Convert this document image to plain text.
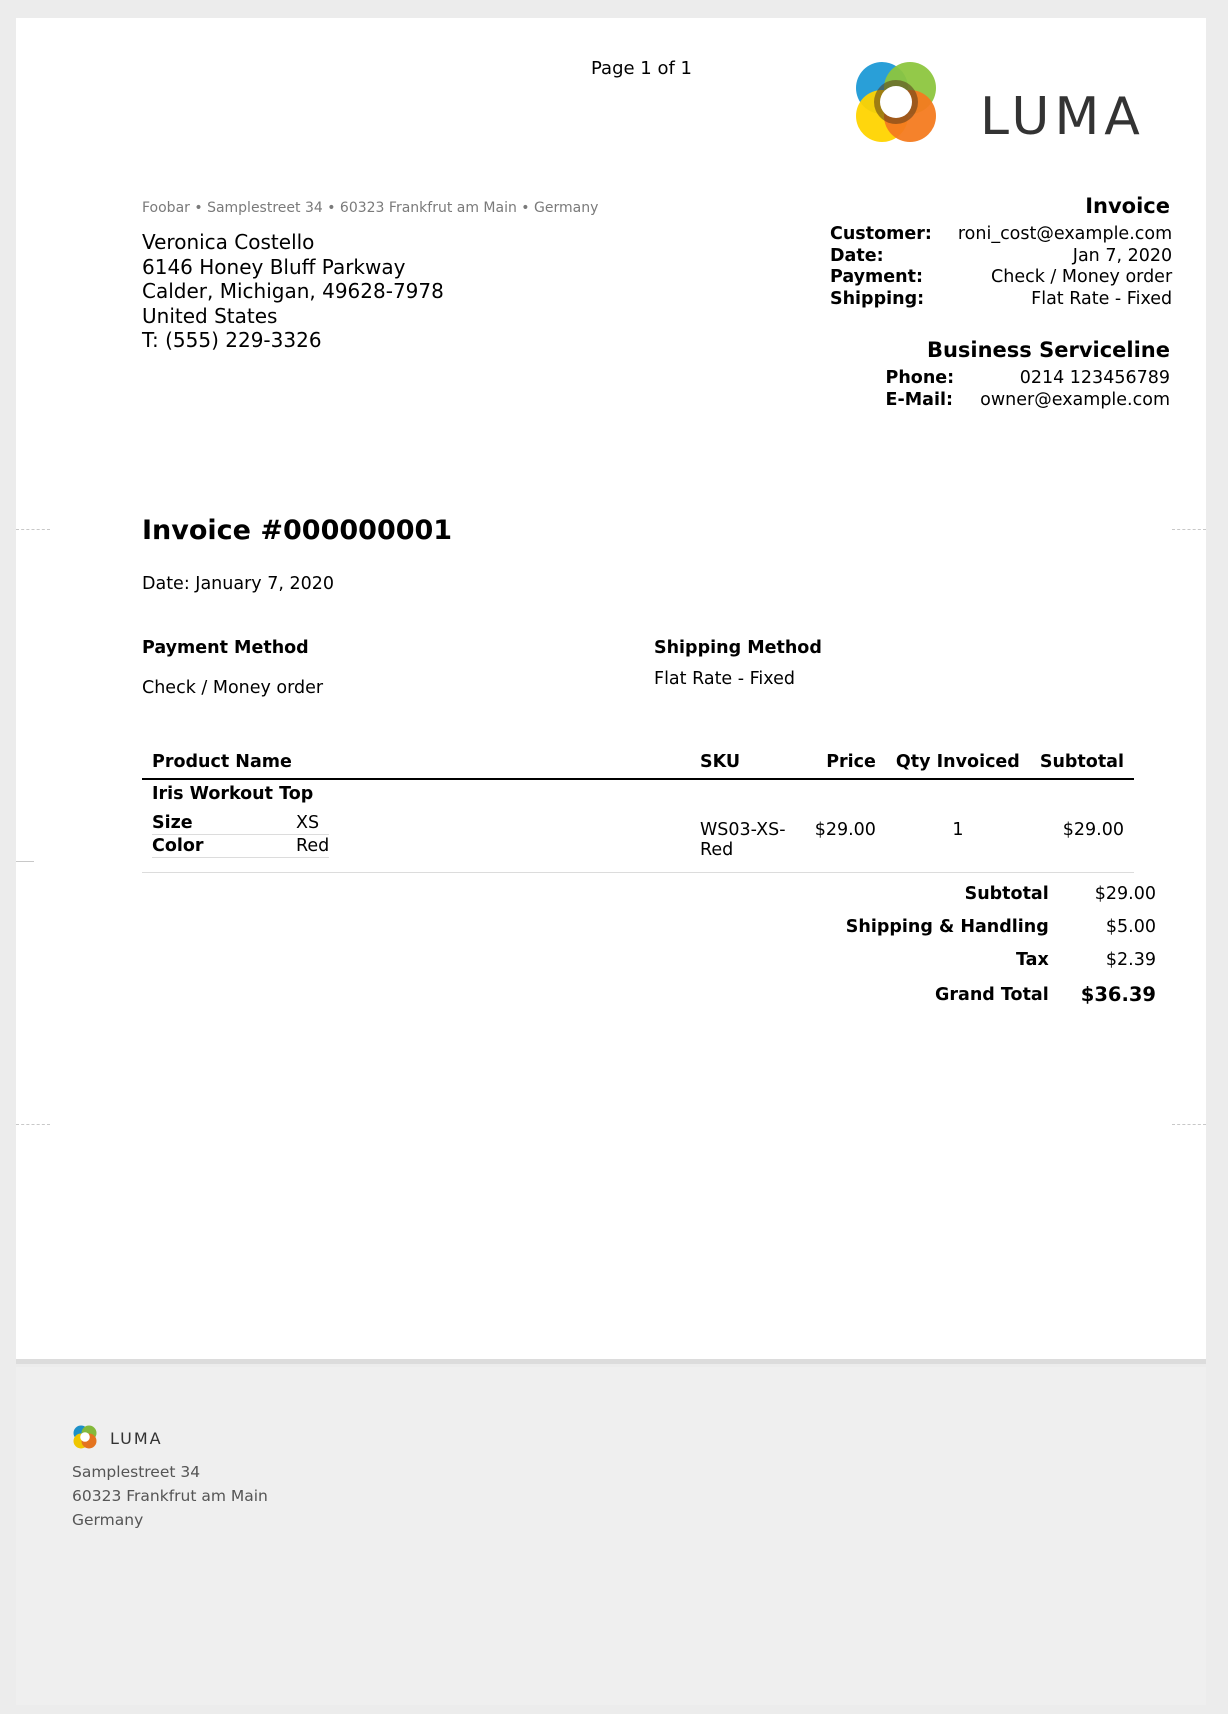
Page 1 of 1
LUMA
Foobar • Samplestreet 34 • 60323 Frankfrut am Main • Germany
Veronica Costello
6146 Honey Bluff Parkway
Calder, Michigan, 49628-7978
United States
T: (555) 229-3326
Invoice
Customer:	roni_cost@example.com
Date:	Jan 7, 2020
Payment:	Check / Money order
Shipping:	Flat Rate - Fixed
Business Serviceline
Phone:	0214 123456789
E-Mail:	owner@example.com
Invoice #000000001
Date: January 7, 2020
Payment Method
Check / Money order
Shipping Method
Flat Rate - Fixed
Product Name	SKU	Price	Qty Invoiced	Subtotal

Iris Workout Top
Size	XS
Color	Red
	WS03-XS-Red	$29.00	1	$29.00
Subtotal	$29.00
Shipping & Handling	$5.00
Tax	$2.39
Grand Total	$36.39
LUMA
Samplestreet 34
60323 Frankfrut am Main
Germany
